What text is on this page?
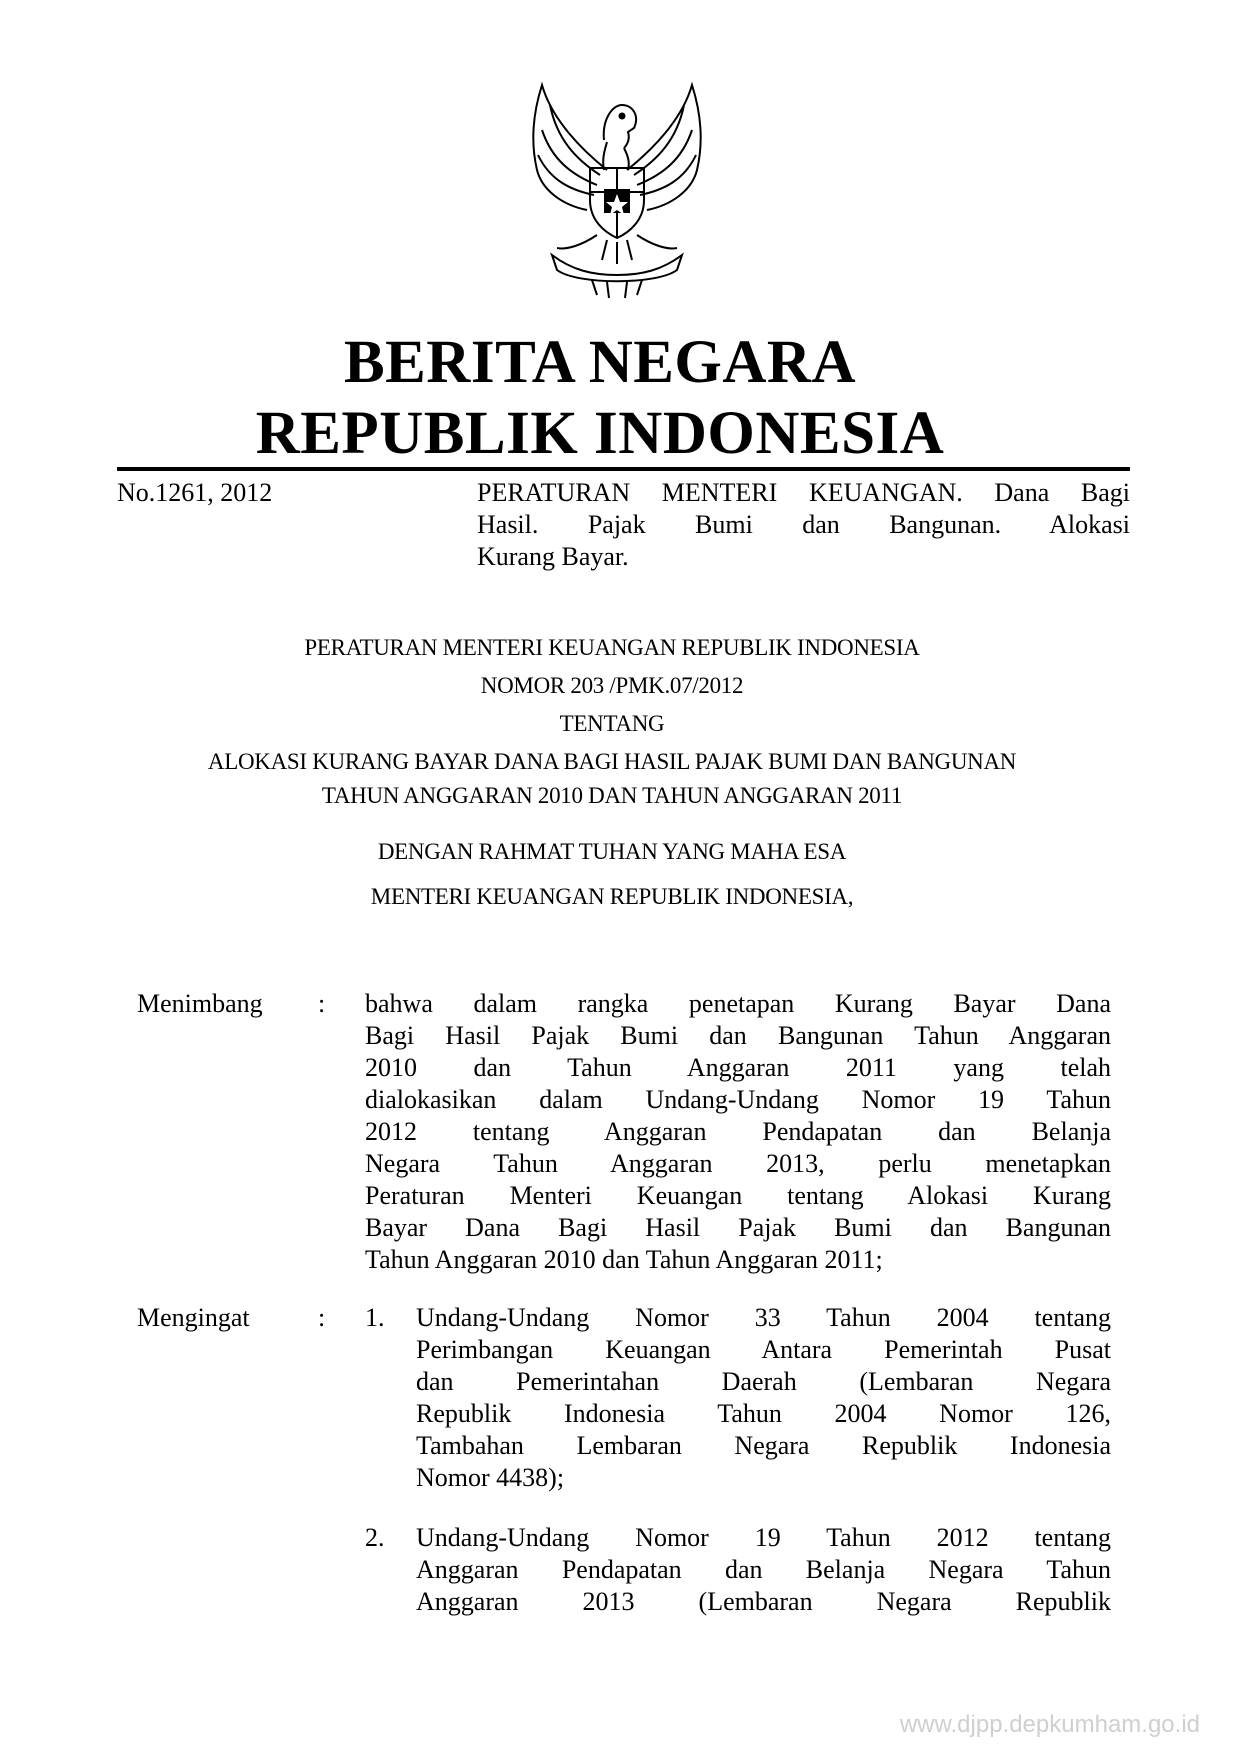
BERITA NEGARA
REPUBLIK INDONESIA
No.1261, 2012	PERATURAN MENTERI KEUANGAN. Dana Bagi
Hasil. Pajak Bumi dan Bangunan. Alokasi
Kurang Bayar.
PERATURAN MENTERI KEUANGAN REPUBLIK INDONESIA
NOMOR 203 /PMK.07/2012
TENTANG
ALOKASI KURANG BAYAR DANA BAGI HASIL PAJAK BUMI DAN BANGUNAN
TAHUN ANGGARAN 2010 DAN TAHUN ANGGARAN 2011
DENGAN RAHMAT TUHAN YANG MAHA ESA
MENTERI KEUANGAN REPUBLIK INDONESIA,
Menimbang : bahwa dalam rangka penetapan Kurang Bayar Dana
Bagi Hasil Pajak Bumi dan Bangunan Tahun Anggaran
2010 dan Tahun Anggaran 2011 yang telah
dialokasikan dalam Undang-Undang Nomor 19 Tahun
2012 tentang Anggaran Pendapatan dan Belanja
Negara Tahun Anggaran 2013, perlu menetapkan
Peraturan Menteri Keuangan tentang Alokasi Kurang
Bayar Dana Bagi Hasil Pajak Bumi dan Bangunan
Tahun Anggaran 2010 dan Tahun Anggaran 2011;
Mengingat	: 1. Undang-Undang Nomor 33 Tahun 2004 tentang
Perimbangan Keuangan Antara Pemerintah Pusat
dan Pemerintahan Daerah (Lembaran Negara
Republik Indonesia Tahun 2004 Nomor 126,
Tambahan Lembaran Negara Republik Indonesia
Nomor 4438);
2. Undang-Undang Nomor 19 Tahun 2012 tentang
Anggaran Pendapatan dan Belanja Negara Tahun
Anggaran 2013 (Lembaran Negara Republik
www.djpp.depkumham.go.id
